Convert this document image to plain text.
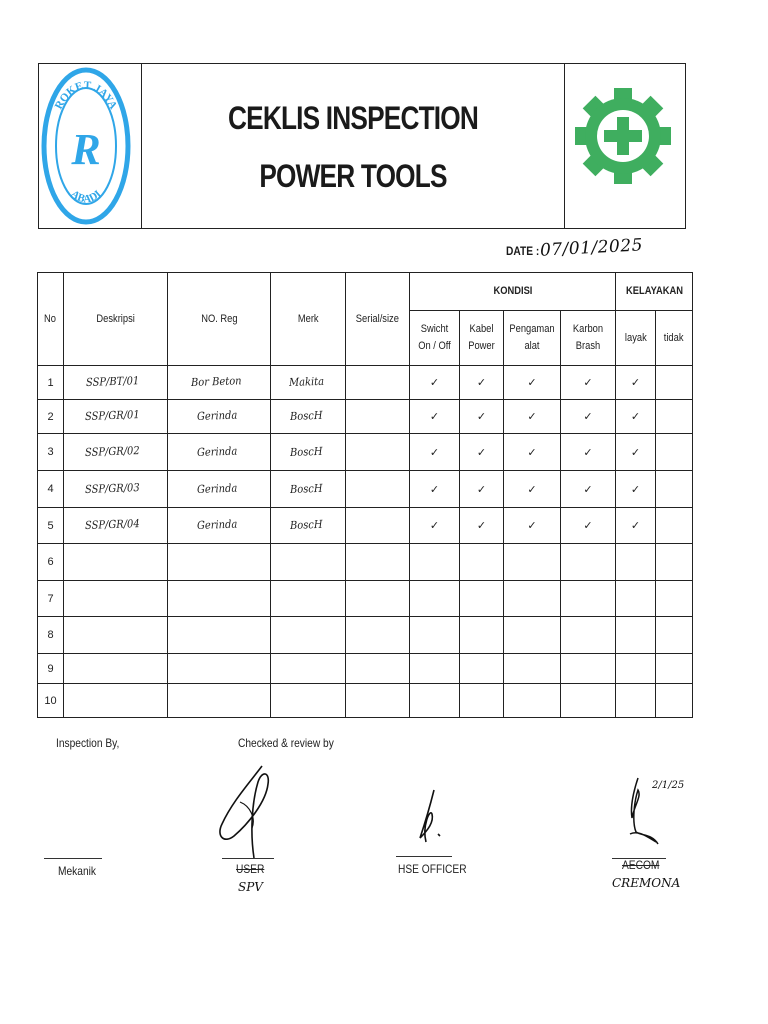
ROKET JAYA
ABADI
R
CEKLIS INSPECTION
POWER TOOLS
DATE : 07/01/2025
No	Deskripsi	NO. Reg	Merk	Serial/size	KONDISI				KELAYAKAN	
					Swicht On / Off	Kabel Power	Pengaman alat	Karbon Brash	layak	tidak
1	SSP/BT/01	Bor Beton	Makita		✓	✓	✓	✓	✓	
2	SSP/GR/01	Gerinda	BoscH		✓	✓	✓	✓	✓	
3	SSP/GR/02	Gerinda	BoscH		✓	✓	✓	✓	✓	
4	SSP/GR/03	Gerinda	BoscH		✓	✓	✓	✓	✓	
5	SSP/GR/04	Gerinda	BoscH		✓	✓	✓	✓	✓	
6										
7										
8										
9										
10										
Inspection By,	Checked & review by
Mekanik	USER
SPV
HSE OFFICER
2/1/25
AECOM
CREMONA
